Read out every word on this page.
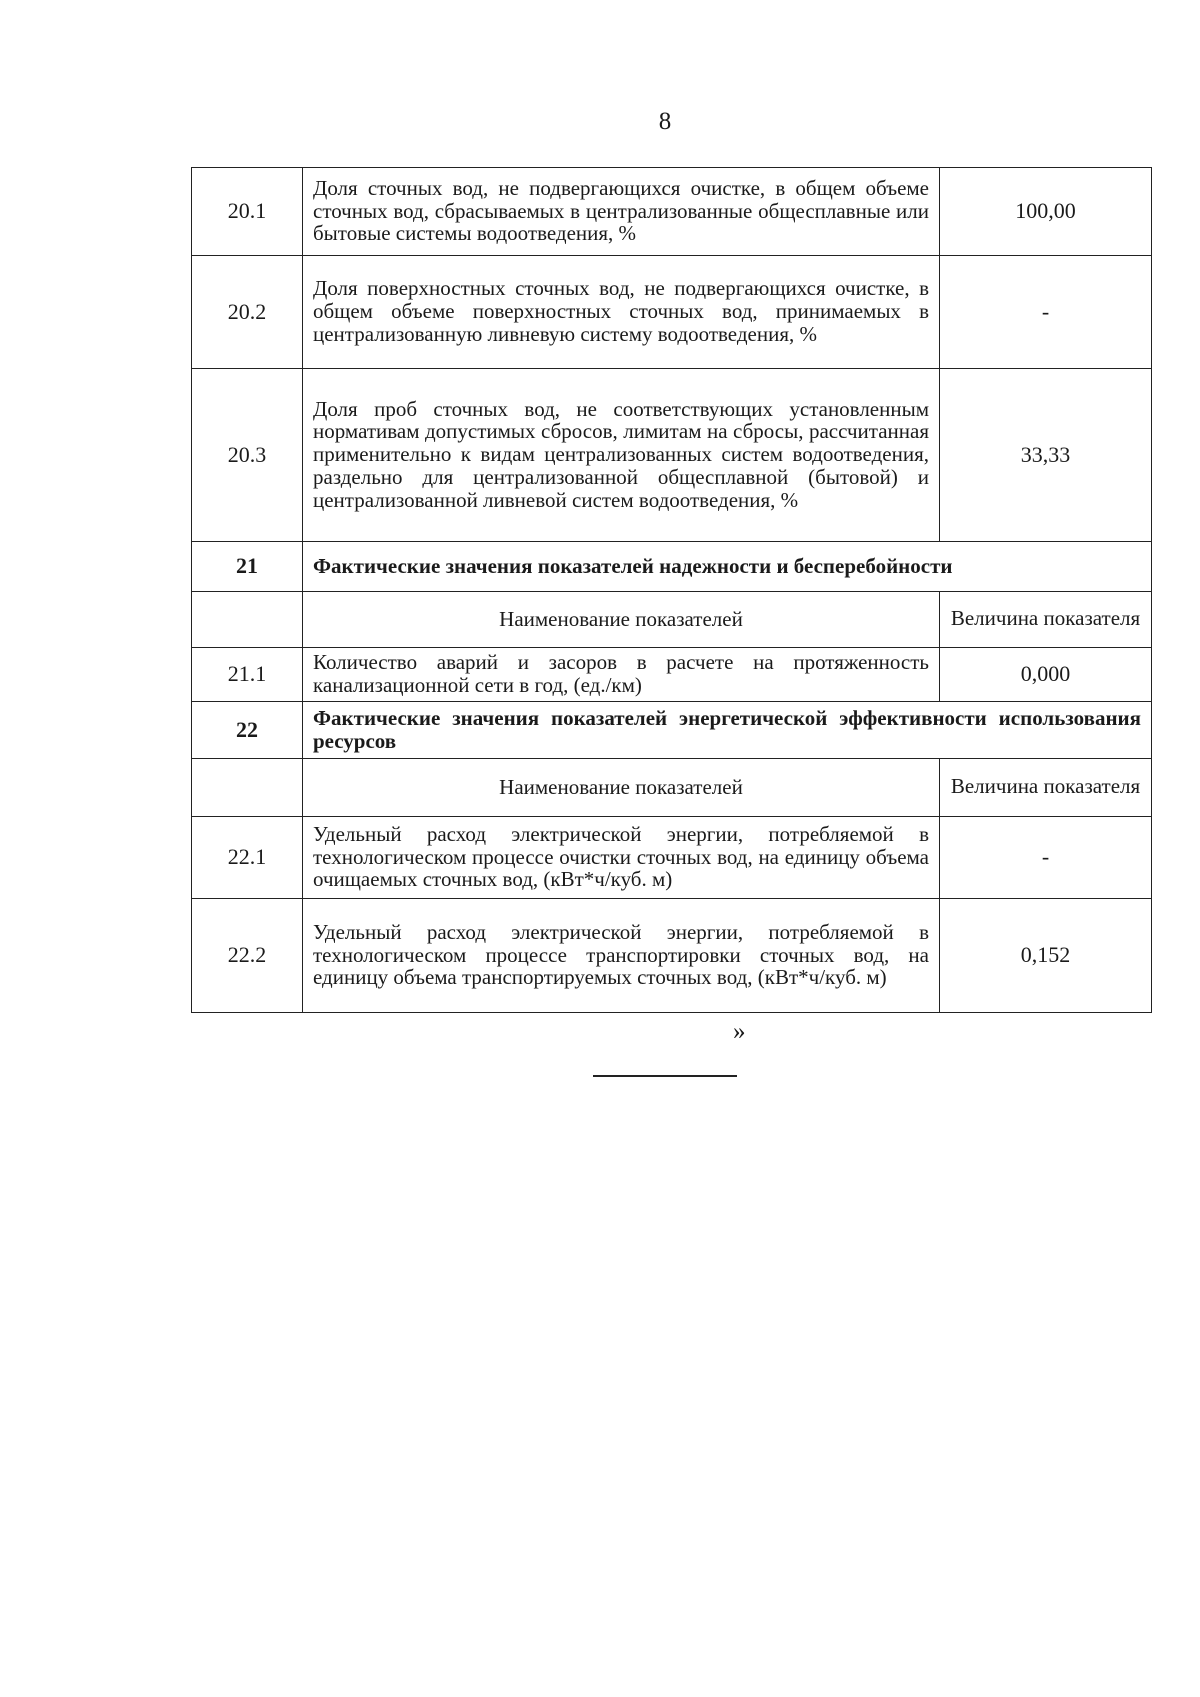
8
20.1	Доля сточных вод, не подвергающихся очистке, в общем объеме сточных вод, сбрасываемых в централизованные общесплавные или бытовые системы водоотведения, %	100,00
20.2	Доля поверхностных сточных вод, не подвергающихся очистке, в общем объеме поверхностных сточных вод, принимаемых в централизованную ливневую систему водоотведения, %	-
20.3	Доля проб сточных вод, не соответствующих установленным нормативам допустимых сбросов, лимитам на сбросы, рассчитанная применительно к видам централизованных систем водоотведения, раздельно для централизованной общесплавной (бытовой) и централизованной ливневой систем водоотведения, %	33,33
21	Фактические значения показателей надежности и бесперебойности	
	Наименование показателей	Величина показателя
21.1	Количество аварий и засоров в расчете на протяженность канализационной сети в год, (ед./км)	0,000
22	Фактические значения показателей энергетической эффективности использования ресурсов	
	Наименование показателей	Величина показателя
22.1	Удельный расход электрической энергии, потребляемой в технологическом процессе очистки сточных вод, на единицу объема очищаемых сточных вод, (кВт*ч/куб. м)	-
22.2	Удельный расход электрической энергии, потребляемой в технологическом процессе транспортировки сточных вод, на единицу объема транспортируемых сточных вод, (кВт*ч/куб. м)	0,152
»
